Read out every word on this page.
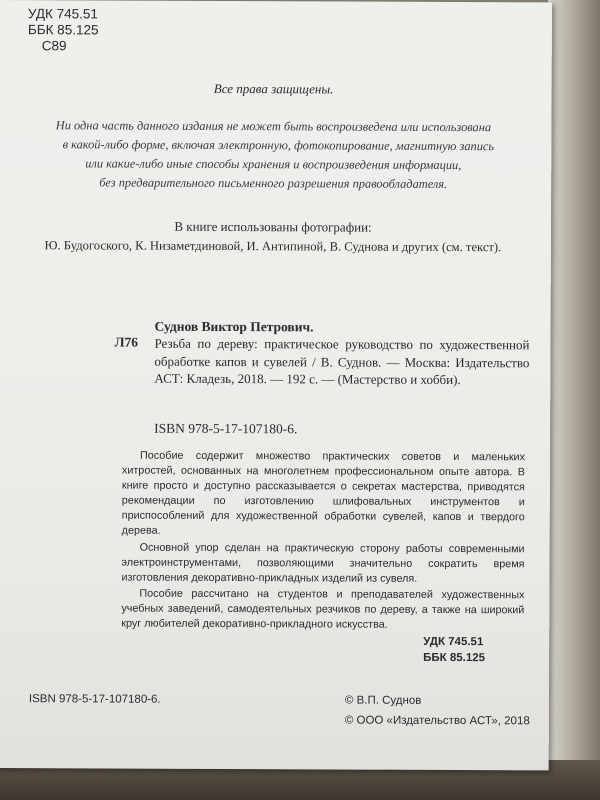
УДК 745.51
ББК 85.125
С89
Все права защищены.
Ни одна часть данного издания не может быть воспроизведена или использована
в какой-либо форме, включая электронную, фотокопирование, магнитную запись
или какие-либо иные способы хранения и воспроизведения информации,
без предварительного письменного разрешения правообладателя.
В книге использованы фотографии:
Ю. Будогоского, К. Низаметдиновой, И. Антипиной, В. Суднова и других (см. текст).
Суднов Виктор Петрович.
Л76 Резьба по дереву: практическое руководство по художественной обработке капов и сувелей / В. Суднов. — Москва: Издательство АСТ: Кладезь, 2018. — 192 с. — (Мастерство и хобби).
ISBN 978-5-17-107180-6.

Пособие содержит множество практических советов и маленьких хитростей, основанных на многолетнем профессиональном опыте автора. В книге просто и доступно рассказывается о секретах мастерства, приводятся рекомендации по изготовлению шлифовальных инструментов и приспособлений для художественной обработки сувелей, капов и твердого дерева.

Основной упор сделан на практическую сторону работы современными электроинструментами, позволяющими значительно сократить время изготовления декоративно-прикладных изделий из сувеля.

Пособие рассчитано на студентов и преподавателей художественных учебных заведений, самодеятельных резчиков по дереву, а также на широкий круг любителей декоративно-прикладного искусства.

УДК 745.51
ББК 85.125
ISBN 978-5-17-107180-6.	© В.П. Суднов
© ООО «Издательство АСТ», 2018
